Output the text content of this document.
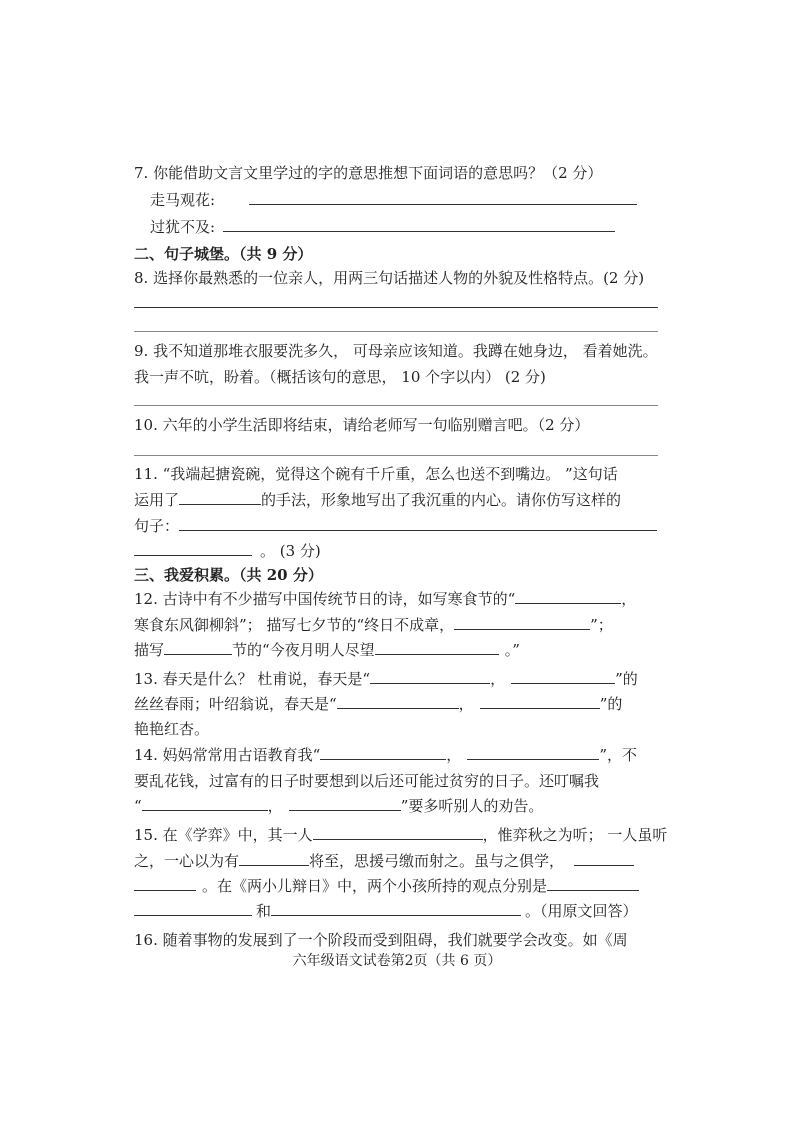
7. 你能借助文言文里学过的字的意思推想下面词语的意思吗？（2 分）
走马观花:
过犹不及:
二、句子城堡。（共 9 分）
8. 选择你最熟悉的一位亲人，用两三句话描述人物的外貌及性格特点。(2 分)
9. 我不知道那堆衣服要洗多久， 可母亲应该知道。我蹲在她身边， 看着她洗。
我一声不吭，盼着。（概括该句的意思， 10 个字以内） (2 分)
10. 六年的小学生活即将结束，请给老师写一句临别赠言吧。（2 分）
11. “我端起搪瓷碗，觉得这个碗有千斤重，怎么也送不到嘴边。 ”这句话
运用了	的手法，形象地写出了我沉重的内心。请你仿写这样的
句子：
。 (3 分)
三、我爱积累。（共 20 分）
12. 古诗中有不少描写中国传统节日的诗，如写寒食节的“	，
寒食东风御柳斜”； 描写七夕节的“终日不成章，	”；
描写	节的“今夜月明人尽望	。”
13. 春天是什么？ 杜甫说，春天是“	，	”的
丝丝春雨；叶绍翁说，春天是“	，	”的
艳艳红杏。
14. 妈妈常常用古语教育我“	，	”，不
要乱花钱，过富有的日子时要想到以后还可能过贫穷的日子。还叮嘱我
“	，	”要多听别人的劝告。
15. 在《学弈》中，其一人	，惟弈秋之为听； 一人虽听
之，一心以为有	将至，思援弓缴而射之。虽与之俱学，
。在《两小儿辩日》中，两个小孩所持的观点分别是
和	。（用原文回答）
16. 随着事物的发展到了一个阶段而受到阻碍，我们就要学会改变。如《周
六年级语文试卷第2页（共 6 页）
